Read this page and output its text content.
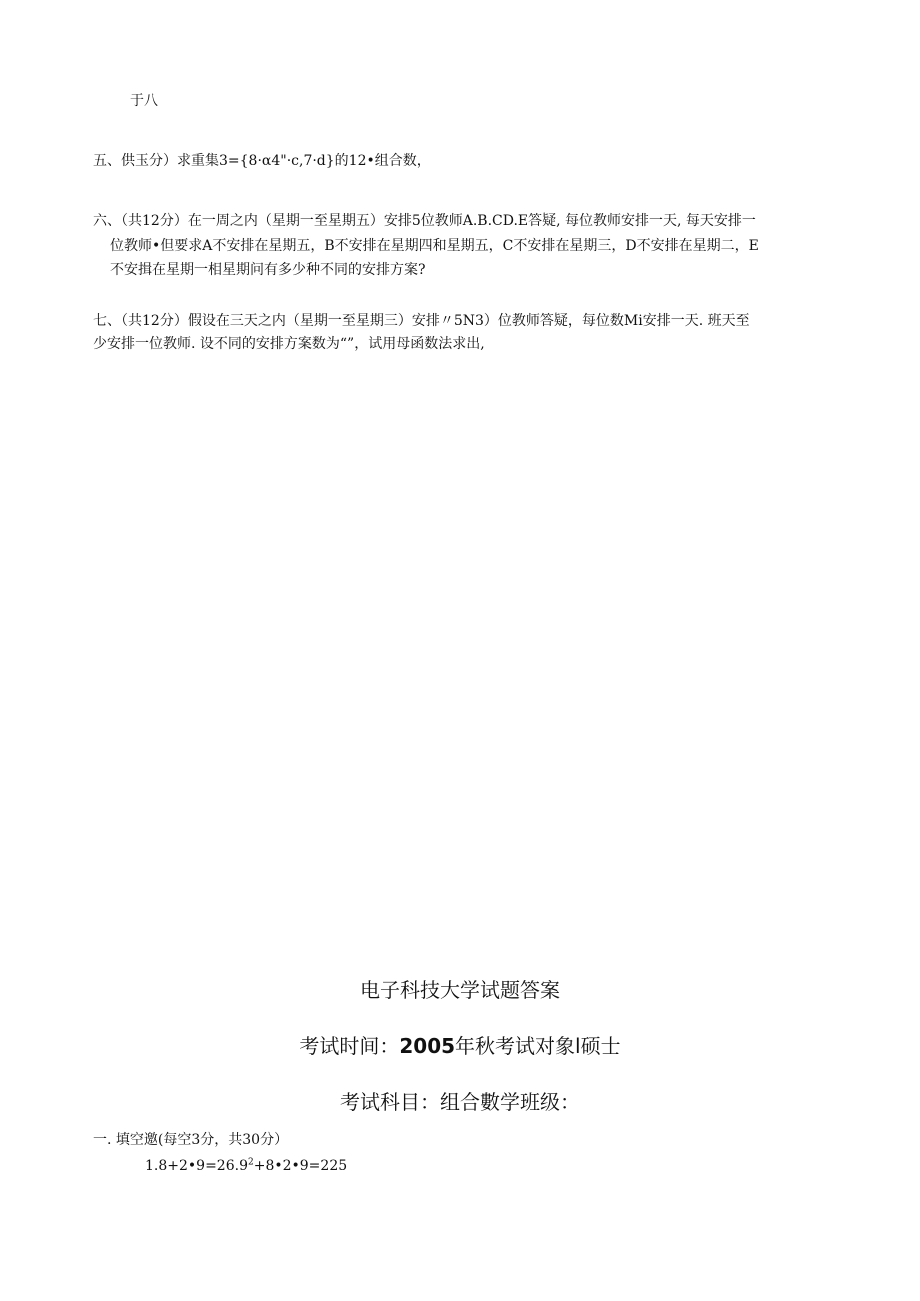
于八
五、供玉分）求重集3={8·α4"·c,7·d}的12•组合数，
六、（共12分）在一周之内（星期一至星期五）安排5位教师A.B.CD.E答疑, 每位教师安排一天, 每天安排一
位教师•但要求A不安排在星期五，B不安排在星期四和星期五，C不安排在星期三，D不安排在星期二，E
不安揖在星期一相星期问有多少种不同的安排方案?
七、（共12分）假设在三天之内（星期一至星期三）安排〃5N3）位教师答疑，每位数Mi安排一天. 班天至
少安排一位教师. 设不同的安排方案数为“”，试用母函数法求出,
电子科技大学试题答案
考试时间：2005年秋考试对象l硕士
考试科目：组合數学班级：
一. 填空邀(每空3分，共30分）
$1.8+2•9=26.9^2+8•2•9=225$
